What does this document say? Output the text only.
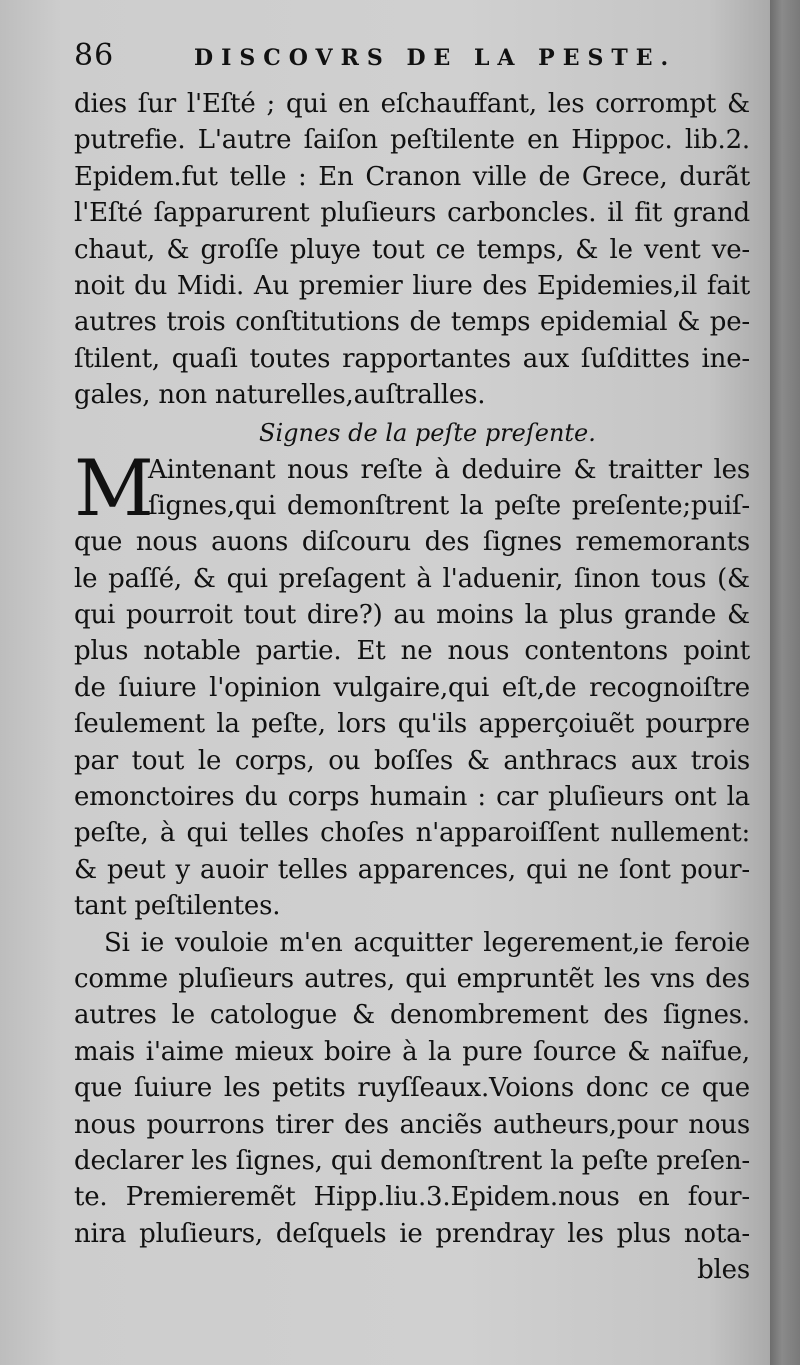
86	DISCOVRS DE LA PESTE.
dies ſur l'Eſté ; qui en eſchauffant, les corrompt &
putrefie. L'autre ſaiſon peſtilente en Hippoc. lib.2.
Epidem.fut telle : En Cranon ville de Grece, durãt
l'Eſté ſapparurent pluſieurs carboncles. il fit grand
chaut, & groſſe pluye tout ce temps, & le vent ve-
noit du Midi. Au premier liure des Epidemies,il fait
autres trois conſtitutions de temps epidemial & pe-
ſtilent, quaſi toutes rapportantes aux ſuſdittes ine-
gales, non naturelles,auſtralles.
Signes de la peſte preſente.
M
Aintenant nous reſte à deduire & traitter les
ſignes,qui demonſtrent la peſte preſente;puiſ-
que nous auons diſcouru des ſignes rememorants
le paſſé, & qui preſagent à l'aduenir, ſinon tous (&
qui pourroit tout dire?) au moins la plus grande &
plus notable partie. Et ne nous contentons point
de ſuiure l'opinion vulgaire,qui eſt,de recognoiſtre
ſeulement la peſte, lors qu'ils apperçoiuẽt pourpre
par tout le corps, ou boſſes & anthracs aux trois
emonctoires du corps humain : car pluſieurs ont la
peſte, à qui telles choſes n'apparoiſſent nullement:
& peut y auoir telles apparences, qui ne ſont pour-
tant peſtilentes.
Si ie vouloie m'en acquitter legerement,ie feroie
comme pluſieurs autres, qui empruntẽt les vns des
autres le catologue & denombrement des ſignes.
mais i'aime mieux boire à la pure ſource & naïfue,
que ſuiure les petits ruyſſeaux.Voions donc ce que
nous pourrons tirer des anciẽs autheurs,pour nous
declarer les ſignes, qui demonſtrent la peſte preſen-
te. Premieremẽt Hipp.liu.3.Epidem.nous en four-
nira pluſieurs, deſquels ie prendray les plus nota-
bles
